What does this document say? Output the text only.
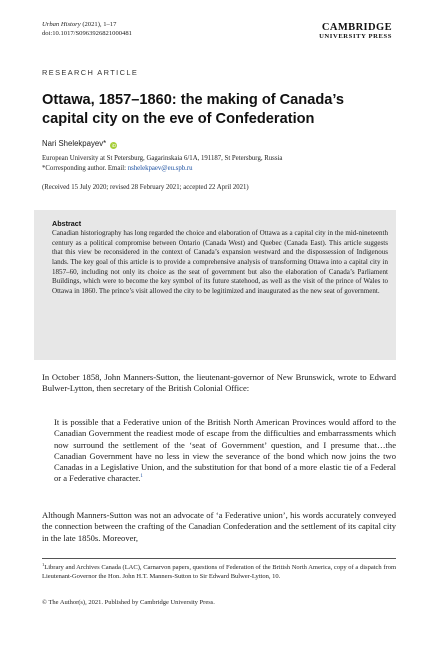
Urban History (2021), 1–17
doi:10.1017/S0963926821000481
CAMBRIDGE
UNIVERSITY PRESS
RESEARCH ARTICLE
Ottawa, 1857–1860: the making of Canada’s capital city on the eve of Confederation
Nari Shelekpayev* iD
European University at St Petersburg, Gagarinskaia 6/1A, 191187, St Petersburg, Russia
*Corresponding author. Email: nshelekpaev@eu.spb.ru
(Received 15 July 2020; revised 28 February 2021; accepted 22 April 2021)
Abstract

Canadian historiography has long regarded the choice and elaboration of Ottawa as a capital city in the mid-nineteenth century as a political compromise between Ontario (Canada West) and Quebec (Canada East). This article suggests that this view be reconsidered in the context of Canada’s expansion westward and the dispossession of Indigenous lands. The key goal of this article is to provide a comprehensive analysis of transforming Ottawa into a capital city in 1857–60, including not only its choice as the seat of government but also the elaboration of Canada’s Parliament Buildings, which were to become the key symbol of its future statehood, as well as the visit of the prince of Wales to Ottawa in 1860. The prince’s visit allowed the city to be legitimized and inaugurated as the new seat of government.

In October 1858, John Manners-Sutton, the lieutenant-governor of New Brunswick, wrote to Edward Bulwer-Lytton, then secretary of the British Colonial Office:

It is possible that a Federative union of the British North American Provinces would afford to the Canadian Government the readiest mode of escape from the difficulties and embarrassments which now surround the settlement of the ‘seat of Government’ question, and I presume that…the Canadian Government have no less in view the severance of the bond which now joins the two Canadas in a Legislative Union, and the substitution for that bond of a more elastic tie of a Federal or a Federative character.$^1$

Although Manners-Sutton was not an advocate of ‘a Federative union’, his words accurately conveyed the connection between the crafting of the Canadian Confederation and the settlement of its capital city in the late 1850s. Moreover,

$^1$Library and Archives Canada (LAC), Carnarvon papers, questions of Federation of the British North America, copy of a dispatch from Lieutenant-Governor the Hon. John H.T. Manners-Sutton to Sir Edward Bulwer-Lytton, 10.

© The Author(s), 2021. Published by Cambridge University Press.
